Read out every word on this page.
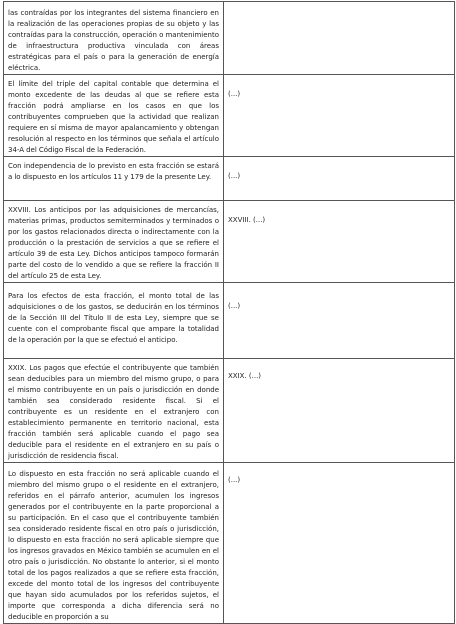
las contraídas por los integrantes del sistema financiero en la realización de las operaciones propias de su objeto y las contraídas para la construcción, operación o mantenimiento de infraestructura productiva vinculada con áreas estratégicas para el país o para la generación de energía eléctrica.	

El límite del triple del capital contable que determina el monto excedente de las deudas al que se refiere esta fracción podrá ampliarse en los casos en que los contribuyentes comprueben que la actividad que realizan requiere en sí misma de mayor apalancamiento y obtengan resolución al respecto en los términos que señala el artículo 34-A del Código Fiscal de la Federación.	(...)

Con independencia de lo previsto en esta fracción se estará a lo dispuesto en los artículos 11 y 179 de la presente Ley.	(...)

XXVIII. Los anticipos por las adquisiciones de mercancías, materias primas, productos semiterminados y terminados o por los gastos relacionados directa o indirectamente con la producción o la prestación de servicios a que se refiere el artículo 39 de esta Ley. Dichos anticipos tampoco formarán parte del costo de lo vendido a que se refiere la fracción II del artículo 25 de esta Ley.	XXVIII. (...)

Para los efectos de esta fracción, el monto total de las adquisiciones o de los gastos, se deducirán en los términos de la Sección III del Título II de esta Ley, siempre que se cuente con el comprobante fiscal que ampare la totalidad de la operación por la que se efectuó el anticipo.	(...)

XXIX. Los pagos que efectúe el contribuyente que también sean deducibles para un miembro del mismo grupo, o para el mismo contribuyente en un país o jurisdicción en donde también sea considerado residente fiscal. Si el contribuyente es un residente en el extranjero con establecimiento permanente en territorio nacional, esta fracción también será aplicable cuando el pago sea deducible para el residente en el extranjero en su país o jurisdicción de residencia fiscal.	XXIX. (...)

Lo dispuesto en esta fracción no será aplicable cuando el miembro del mismo grupo o el residente en el extranjero, referidos en el párrafo anterior, acumulen los ingresos generados por el contribuyente en la parte proporcional a su participación. En el caso que el contribuyente también sea considerado residente fiscal en otro país o jurisdicción, lo dispuesto en esta fracción no será aplicable siempre que los ingresos gravados en México también se acumulen en el otro país o jurisdicción. No obstante lo anterior, si el monto total de los pagos realizados a que se refiere esta fracción, excede del monto total de los ingresos del contribuyente que hayan sido acumulados por los referidos sujetos, el importe que corresponda a dicha diferencia será no deducible en proporción a su	(...)
